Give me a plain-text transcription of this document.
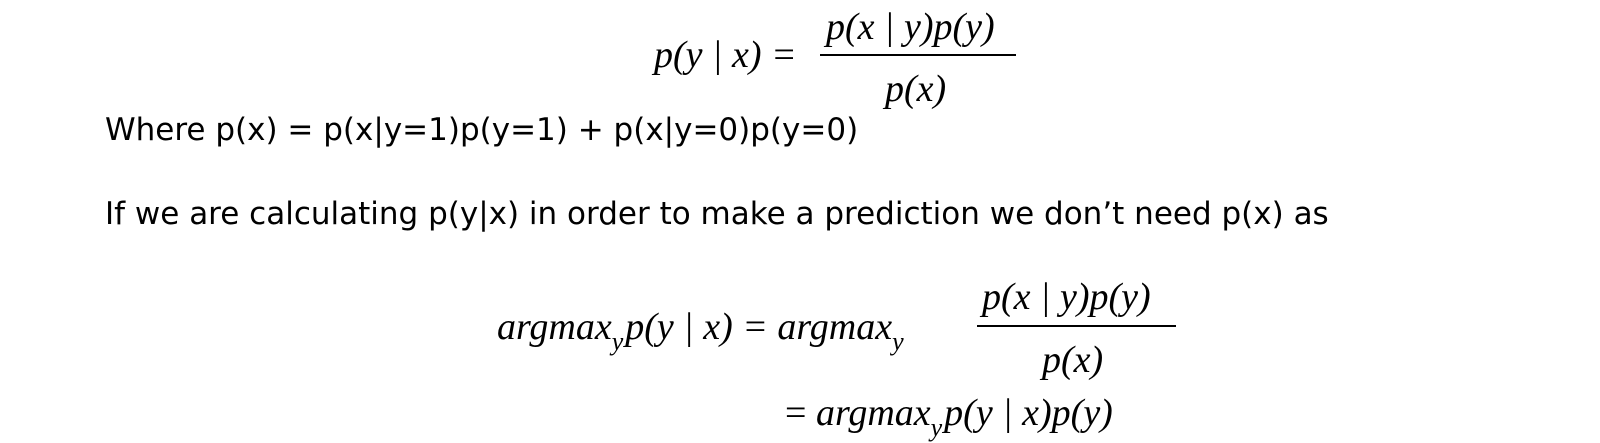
p(y | x) =
p(x | y)p(y)
p(x)
Where p(x) = p(x|y=1)p(y=1) + p(x|y=0)p(y=0)
If we are calculating p(y|x) in order to make a prediction we don’t need p(x) as
argmax$_y$p(y | x) = argmax$_y$
p(x | y)p(y)
p(x)
= argmax$_y$p(y | x)p(y)
